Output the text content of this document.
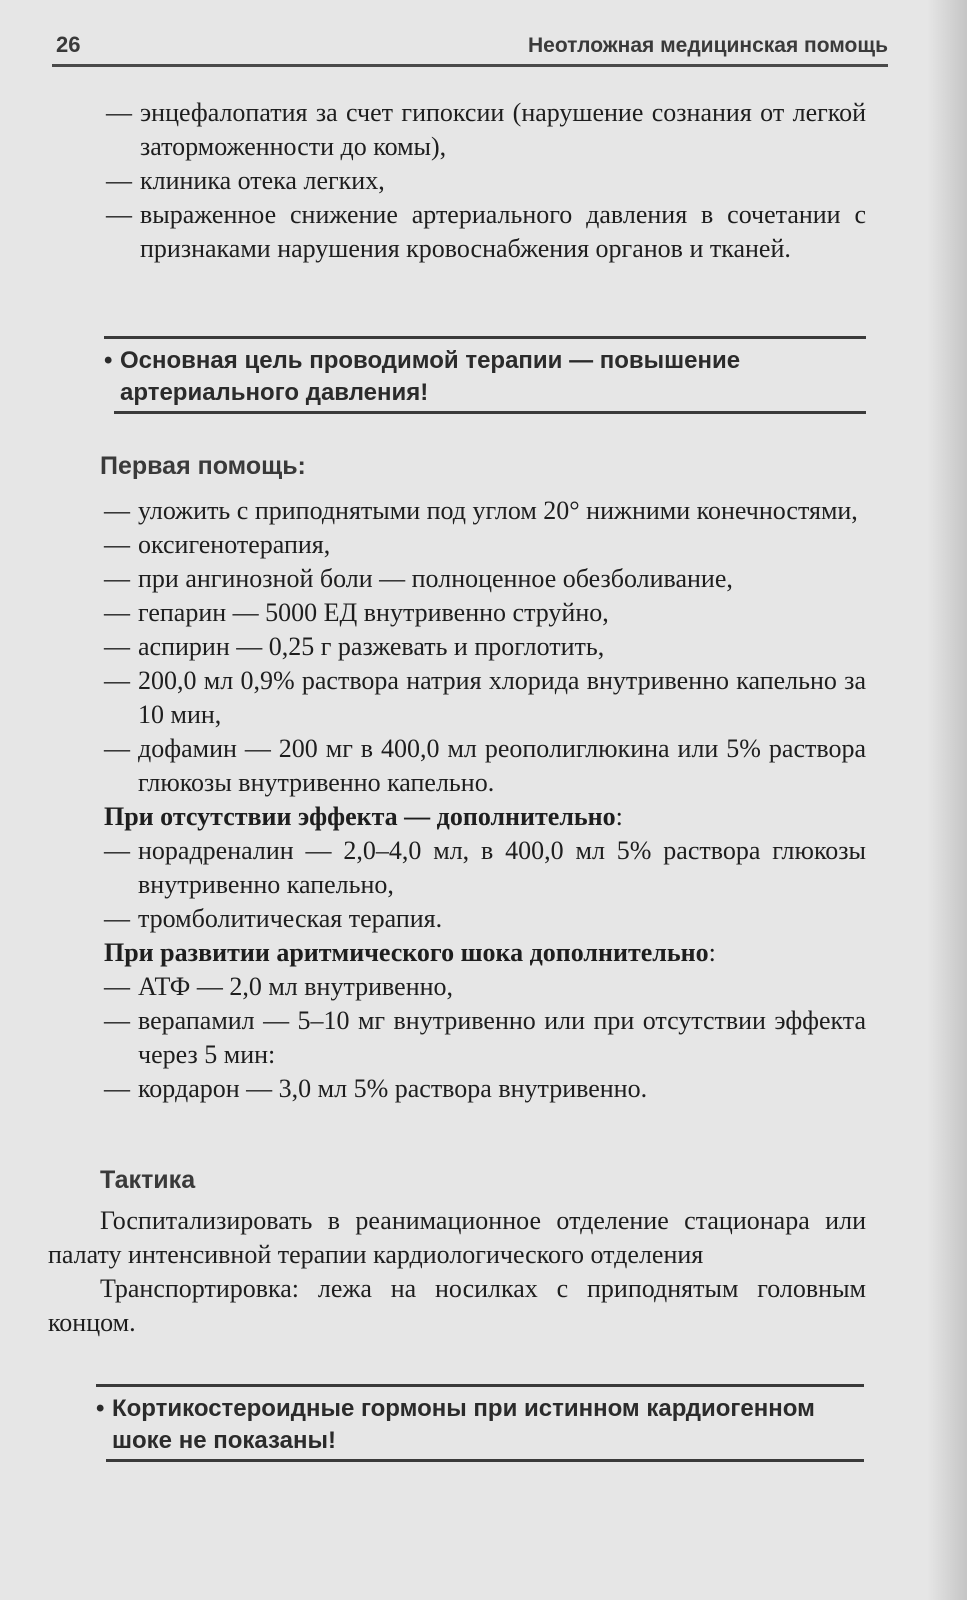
26	Неотложная медицинская помощь
— энцефалопатия за счет гипоксии (нарушение сознания от легкой заторможенности до комы),
— клиника отека легких,
— выраженное снижение артериального давления в сочетании с признаками нарушения кровоснабжения органов и тканей.
• Основная цель проводимой терапии — повышение артериального давления!
Первая помощь:
— уложить с приподнятыми под углом 20° нижними конечностями,
— оксигенотерапия,
— при ангинозной боли — полноценное обезболивание,
— гепарин — 5000 ЕД внутривенно струйно,
— аспирин — 0,25 г разжевать и проглотить,
— 200,0 мл 0,9% раствора натрия хлорида внутривенно капельно за 10 мин,
— дофамин — 200 мг в 400,0 мл реополиглюкина или 5% раствора глюкозы внутривенно капельно.
При отсутствии эффекта — дополнительно:
— норадреналин — 2,0–4,0 мл, в 400,0 мл 5% раствора глюкозы внутривенно капельно,
— тромболитическая терапия.
При развитии аритмического шока дополнительно:
— АТФ — 2,0 мл внутривенно,
— верапамил — 5–10 мг внутривенно или при отсутствии эффекта через 5 мин:
— кордарон — 3,0 мл 5% раствора внутривенно.
Тактика

Госпитализировать в реанимационное отделение стационара или палату интенсивной терапии кардиологического отделения

Транспортировка: лежа на носилках с приподнятым головным концом.

• Кортикостероидные гормоны при истинном кардиогенном шоке не показаны!
